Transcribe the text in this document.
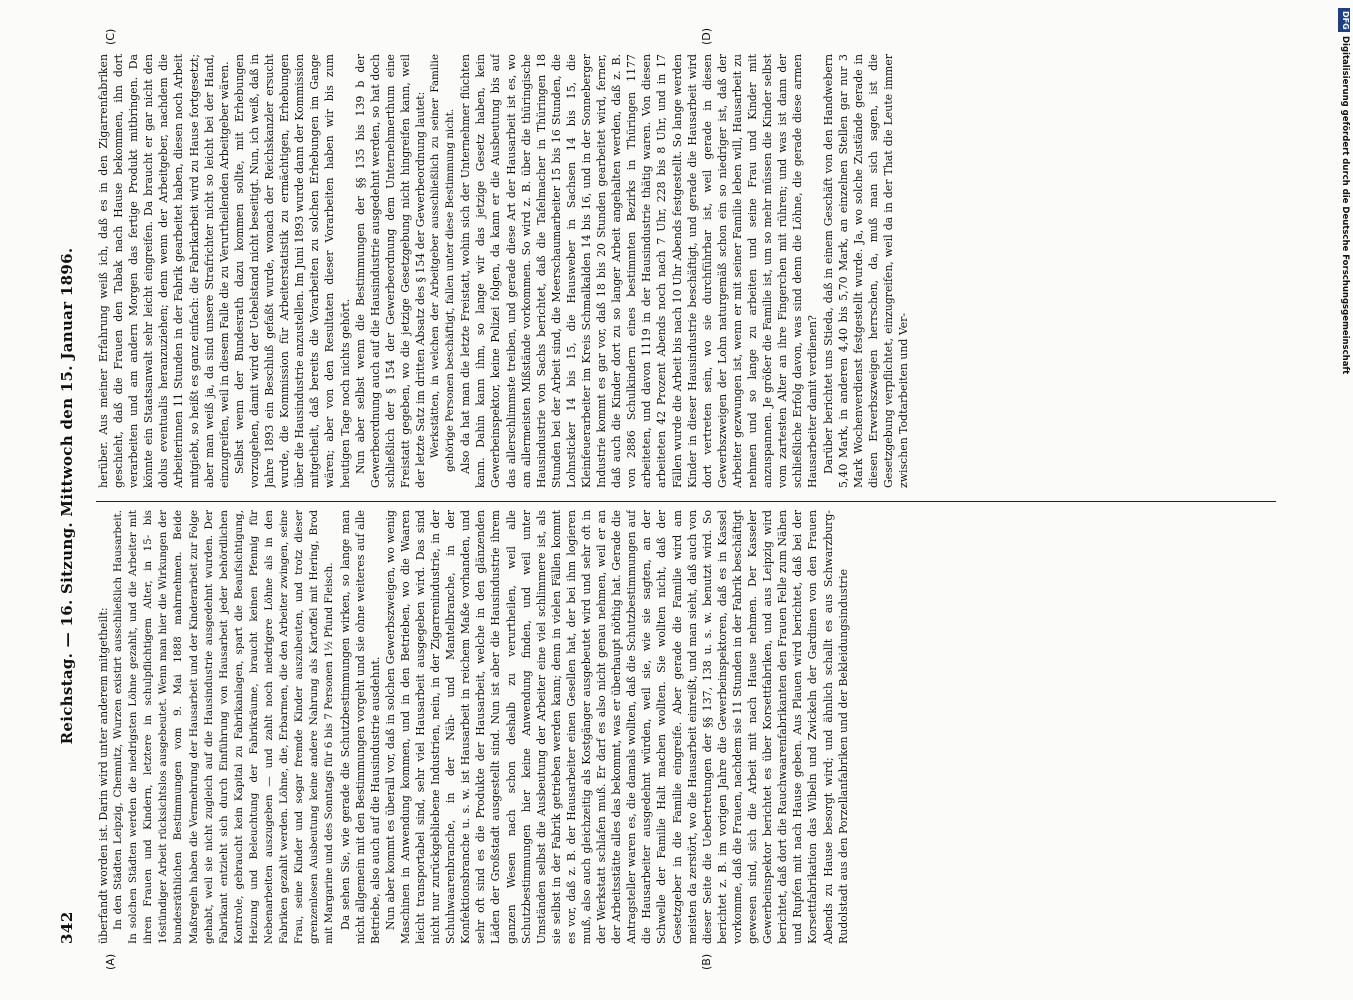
342
Reichstag. — 16. Sitzung. Mittwoch den 15. Januar 1896.
(A)	(B)
(C)	(D)

überfandt worden ist. Darin wird unter anderem mitgetheilt: In den Städten Leipzig, Chemnitz, Wurzen existirt ausschließlich Hausarbeit. In solchen Städten werden die niedrigsten Löhne gezahlt, und die Arbeiter mit ihren Frauen und Kindern, letztere in schulpflichtigem Alter, in 15- bis 16stündiger Arbeit rücksichtslos ausgebeutet. Wenn man hier die Wirkungen der bundesräthlichen Bestimmungen vom 9. Mai 1888 mahrnehmen. Beide Maßregeln haben die Vermehrung der Hausarbeit und der Kinderarbeit zur Folge gehabt, weil sie nicht zugleich auf die Hausindustrie ausgedehnt wurden. Der Fabrikant entzieht sich durch Einführung von Hausarbeit jeder behördlichen Kontrole, gebraucht kein Kapital zu Fabrikanlagen, spart die Beaufsichtigung, Heizung und Beleuchtung der Fabrikräume, braucht keinen Pfennig für Nebenarbeiten auszugeben — und zahlt noch niedrigere Löhne als in den Fabriken gezahlt werden. Löhne, die, Erbarmen, die den Arbeiter zwingen, seine Frau, seine Kinder und sogar fremde Kinder auszubeuten, und trotz dieser grenzenlosen Ausbeutung keine andere Nahrung als Kartoffel mit Hering, Brod mit Margarine und des Sonntags für 6 bis 7 Personen 1½ Pfund Fleisch. Da sehen Sie, wie gerade die Schutzbestimmungen wirken, so lange man nicht allgemein mit den Bestimmungen vorgeht und sie ohne weiteres auf alle Betriebe, also auch auf die Hausindustrie ausdehnt. Nun aber kommt es überall vor, daß in solchen Gewerbszweigen, wo wenig Maschinen in Anwendung kommen, und in den Betrieben, wo die Waaren leicht transportabel sind, sehr viel Hausarbeit ausgegeben wird. Das sind nicht nur zurückgebliebene Industrien, nein, in der Zigarrenindustrie, in der Schuhwaarenbranche, in der Näh- und Mantelbranche, in der Konfektionsbranche u. s. w. ist Hausarbeit in reichem Maße vorhanden, und sehr oft sind es die Produkte der Hausarbeit, welche in den glänzenden Läden der Großstadt ausgestellt sind. Nun ist aber die Hausindustrie ihrem ganzen Wesen nach schon deshalb zu verurtheilen, weil alle Schutzbestimmungen hier keine Anwendung finden, und weil unter Umständen selbst die Ausbeutung der Arbeiter eine viel schlimmere ist, als sie selbst in der Fabrik getrieben werden kann; denn in vielen Fällen kommt es vor, daß z. B. der Hausarbeiter einen Gesellen hat, der bei ihm logieren muß, also auch gleichzeitig als Kostgänger ausgebeutet wird und sehr oft in der Werkstatt schlafen muß. Er darf es also nicht genau nehmen, weil er an der Arbeitsstätte alles das bekommt, was er überhaupt nöthig hat. Gerade die Antragsteller waren es, die damals wollten, daß die Schutzbestimmungen auf die Hausarbeiter ausgedehnt würden, weil sie, wie sie sagten, an der Schwelle der Familie Halt machen wollten. Sie wollten nicht, daß der Gesetzgeber in die Familie eingreife. Aber gerade die Familie wird am meisten da zerstört, wo die Hausarbeit einreißt, und man sieht, daß auch von dieser Seite die Uebertretungen der §§ 137, 138 u. s. w. benutzt wird. So berichtet z. B. im vorigen Jahre die Gewerbeinspektoren, daß es in Kassel vorkomme, daß die Frauen, nachdem sie 11 Stunden in der Fabrik beschäftigt gewesen sind, sich die Arbeit mit nach Hause nehmen. Der Kasseler Gewerbeinspektor berichtet es über Korsettfabriken, und aus Leipzig wird berichtet, daß dort die Rauchwaarenfabrikanten den Frauen Felle zum Nähen und Rupfen mit nach Hause geben. Aus Plauen wird berichtet, daß bei der Korsettfabrikation das Wibeln und Zwickeln der Gardinen von den Frauen Abends zu Hause besorgt wird; und ähnlich schallt es aus Schwarzburg-Rudolstadt aus den Porzellanfabriken und der Bekleidungsindustrie

herüber. Aus meiner Erfahrung weiß ich, daß es in den Zigarrenfabriken geschieht, daß die Frauen den Tabak nach Hause bekommen, ihn dort verarbeiten und am andern Morgen das fertige Produkt mitbringen. Da könnte ein Staatsanwalt sehr leicht eingreifen. Da braucht er gar nicht den dolus eventualis heranzuziehen; denn wenn der Arbeitgeber, nachdem die Arbeiterinnen 11 Stunden in der Fabrik gearbeitet haben, diesen noch Arbeit mitgiebt, so heißt es ganz einfach: die Fabrikarbeit wird zu Hause fortgesetzt; aber man weiß ja, da sind unsere Strafrichter nicht so leicht bei der Hand, einzugreifen, weil in diesem Falle die zu Verurtheilenden Arbeitgeber wären. Selbst wenn der Bundesrath dazu kommen sollte, mit Erhebungen vorzugehen, damit wird der Uebelstand nicht beseitigt. Nun, ich weiß, daß in Jahre 1893 ein Beschluß gefaßt wurde, wonach der Reichskanzler ersucht wurde, die Kommission für Arbeiterstatistik zu ermächtigen, Erhebungen über die Hausindustrie anzustellen. Im Juni 1893 wurde dann der Kommission mitgetheilt, daß bereits die Vorarbeiten zu solchen Erhebungen im Gange wären; aber von den Resultaten dieser Vorarbeiten haben wir bis zum heutigen Tage noch nichts gehört. Nun aber selbst wenn die Bestimmungen der §§ 135 bis 139 b der Gewerbeordnung auch auf die Hausindustrie ausgedehnt werden, so hat doch schließlich der § 154 der Gewerbeordnung dem Unternehmerthum eine Freistatt gegeben, wo die jetzige Gesetzgebung nicht hingreifen kann, weil der letzte Satz im dritten Absatz des § 154 der Gewerbeordnung lautet: Werkstätten, in welchen der Arbeitgeber ausschließlich zu seiner Familie gehörige Personen beschäftigt, fallen unter diese Bestimmung nicht. Also da hat man die letzte Freistatt, wohin sich der Unternehmer flüchten kann. Dahin kann ihm, so lange wir das jetzige Gesetz haben, kein Gewerbeinspektor, keine Polizei folgen, da kann er die Ausbeutung bis auf das allerschlimmste treiben, und gerade diese Art der Hausarbeit ist es, wo am allermeisten Mißstände vorkommen. So wird z. B. über die thüringische Hausindustrie von Sachs berichtet, daß die Tafelmacher in Thüringen 18 Stunden bei der Arbeit sind, die Meerschaumarbeiter 15 bis 16 Stunden, die Lohnsticker 14 bis 15, die Hausweber in Sachsen 14 bis 15, die Kleinfeuerarbeiter im Kreis Schmalkalden 14 bis 16, und in der Sonneberger Industrie kommt es gar vor, daß 18 bis 20 Stunden gearbeitet wird, ferner, daß auch die Kinder dort zu so langer Arbeit angehalten werden, daß z. B. von 2886 Schulkindern eines bestimmten Bezirks in Thüringen 1177 arbeiteten, und davon 1119 in der Hausindustrie thätig waren. Von diesen arbeiteten 42 Prozent Abends noch nach 7 Uhr, 228 bis 8 Uhr, und in 17 Fällen wurde die Arbeit bis nach 10 Uhr Abends festgestellt. So lange werden Kinder in dieser Hausindustrie beschäftigt, und gerade die Hausarbeit wird dort vertreten sein, wo sie durchführbar ist, weil gerade in diesen Gewerbszweigen der Lohn naturgemäß schon ein so niedriger ist, daß der Arbeiter gezwungen ist, wenn er mit seiner Familie leben will, Hausarbeit zu nehmen und so lange zu arbeiten und seine Frau und Kinder mit anzuspannen. Je größer die Familie ist, um so mehr müssen die Kinder selbst vom zartesten Alter an ihre Fingerchen mit rühren; und was ist dann der schließliche Erfolg davon, was sind denn die Löhne, die gerade diese armen Hausarbeiter damit verdienen? Darüber berichtet uns Stieda, daß in einem Geschäft von den Handwebern 5,40 Mark, in anderen 4,40 bis 5,70 Mark, an einzelnen Stellen gar nur 3 Mark Wochenverdienst festgestellt wurde. Ja, wo solche Zustände gerade in diesen Erwerbszweigen herrschen, da, muß man sich sagen, ist die Gesetzgebung verpflichtet, einzugreifen, weil da in der That die Leute immer zwischen Todtarbeiten und Ver-

DFG
Digitalisierung gefördert durch die Deutsche Forschungsgemeinschaft
